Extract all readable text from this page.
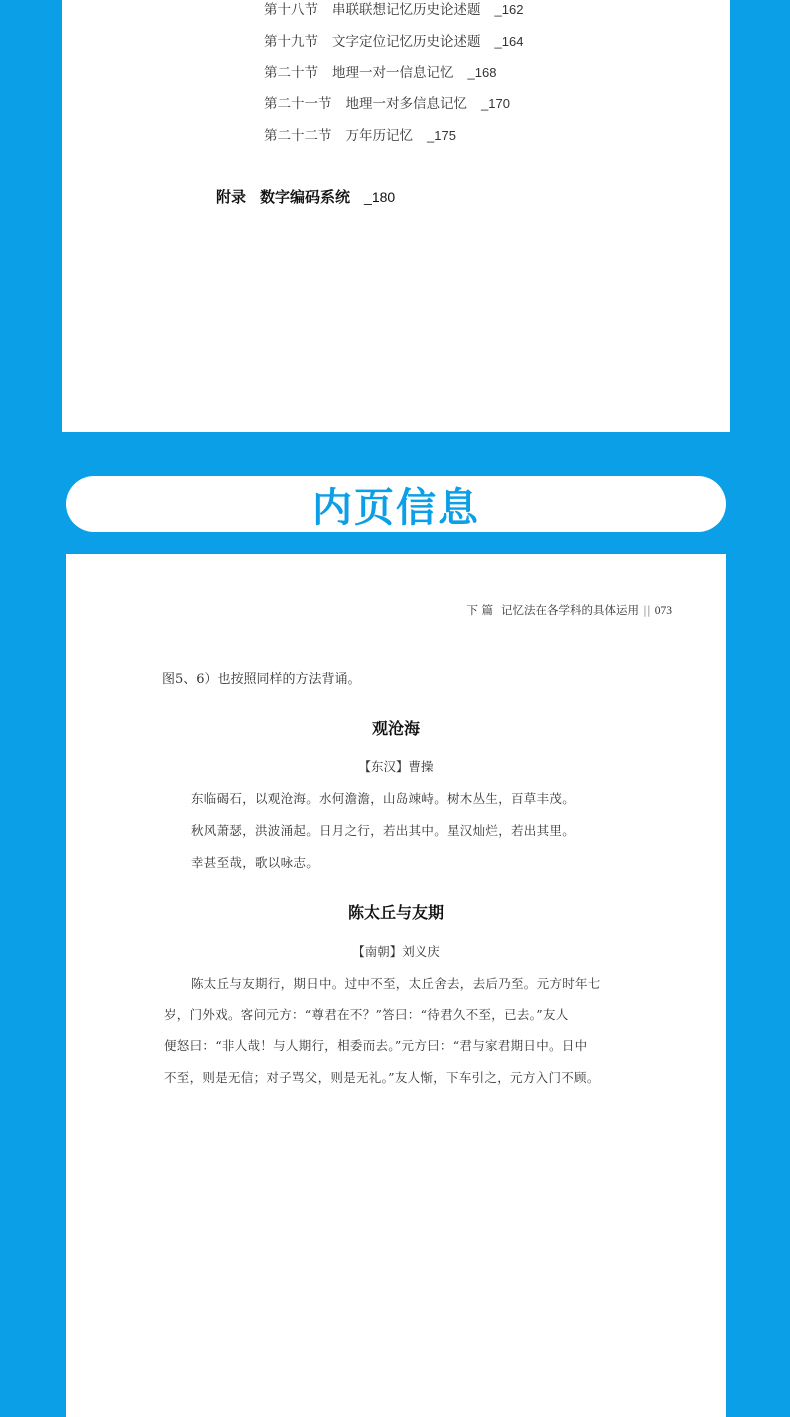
第十八节 串联联想记忆历史论述题 _162
第十九节 文字定位记忆历史论述题 _164
第二十节 地理一对一信息记忆 _168
第二十一节 地理一对多信息记忆 _170
第二十二节 万年历记忆 _175
附录 数字编码系统 _180
内页信息
下 篇 记忆法在各学科的具体运用 || 073
图5、6）也按照同样的方法背诵。
观沧海
【东汉】曹操
东临碣石，以观沧海。水何澹澹，山岛竦峙。树木丛生，百草丰茂。
秋风萧瑟，洪波涌起。日月之行，若出其中。星汉灿烂，若出其里。
幸甚至哉，歌以咏志。
陈太丘与友期
【南朝】刘义庆
陈太丘与友期行，期日中。过中不至，太丘舍去，去后乃至。元方时年七
岁，门外戏。客问元方：“尊君在不？”答曰：“待君久不至，已去。”友人
便怒曰：“非人哉！与人期行，相委而去。”元方曰：“君与家君期日中。日中
不至，则是无信；对子骂父，则是无礼。”友人惭，下车引之，元方入门不顾。
